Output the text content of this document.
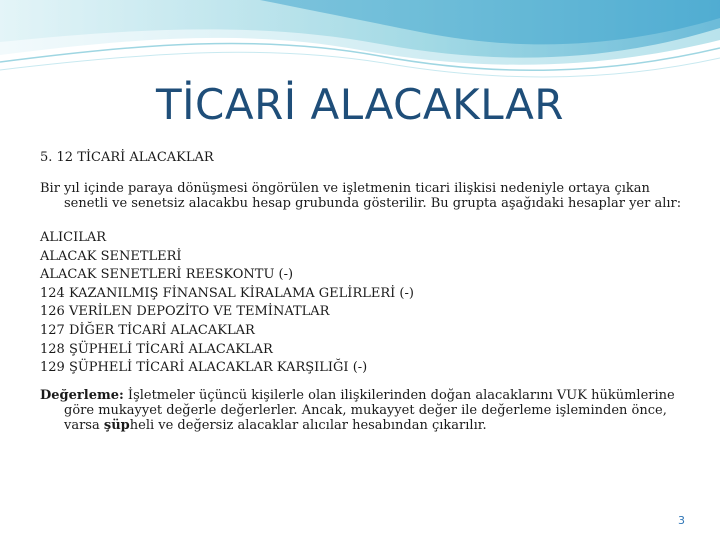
TİCARİ ALACAKLAR
5. 12 TİCARİ ALACAKLAR
Bir yıl içinde paraya dönüşmesi öngörülen ve işletmenin ticari ilişkisi nedeniyle ortaya çıkan senetli ve senetsiz alacakbu hesap grubunda gösterilir. Bu grupta aşağıdaki hesaplar yer alır:
ALICILAR
ALACAK SENETLERİ
ALACAK SENETLERİ REESKONTU (-)
124 KAZANILMIŞ FİNANSAL KİRALAMA GELİRLERİ (-)
126 VERİLEN DEPOZİTO VE TEMİNATLAR
127 DİĞER TİCARİ ALACAKLAR
128 ŞÜPHELİ TİCARİ ALACAKLAR
129 ŞÜPHELİ TİCARİ ALACAKLAR KARŞILIĞI (-)
Değerleme: İşletmeler üçüncü kişilerle olan ilişkilerinden doğan alacaklarını VUK hükümlerine göre mukayyet değerle değerlerler. Ancak, mukayyet değer ile değerleme işleminden önce, varsa şüpheli ve değersiz alacaklar alıcılar hesabından çıkarılır.
3
